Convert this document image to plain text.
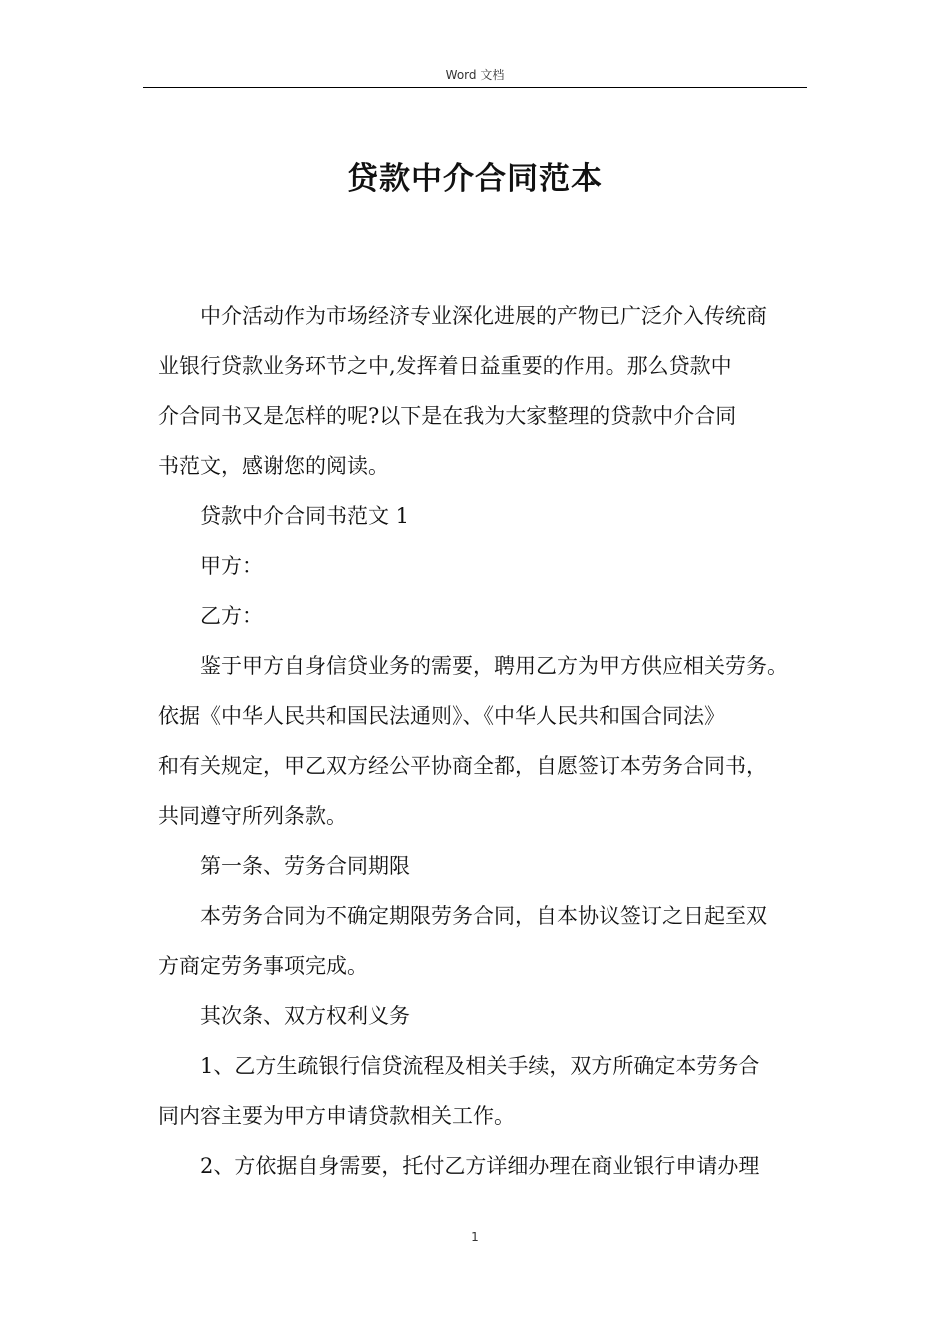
Word 文档
贷款中介合同范本

中介活动作为市场经济专业深化进展的产物已广泛介入传统商
业银行贷款业务环节之中,发挥着日益重要的作用。那么贷款中
介合同书又是怎样的呢?以下是在我为大家整理的贷款中介合同
书范文，感谢您的阅读。

贷款中介合同书范文 1

甲方：

乙方：

鉴于甲方自身信贷业务的需要，聘用乙方为甲方供应相关劳务。
依据《中华人民共和国民法通则》、《中华人民共和国合同法》
和有关规定，甲乙双方经公平协商全都，自愿签订本劳务合同书，
共同遵守所列条款。

第一条、劳务合同期限

本劳务合同为不确定期限劳务合同，自本协议签订之日起至双
方商定劳务事项完成。

其次条、双方权利义务

1、乙方生疏银行信贷流程及相关手续，双方所确定本劳务合
同内容主要为甲方申请贷款相关工作。

2、方依据自身需要，托付乙方详细办理在商业银行申请办理

1
